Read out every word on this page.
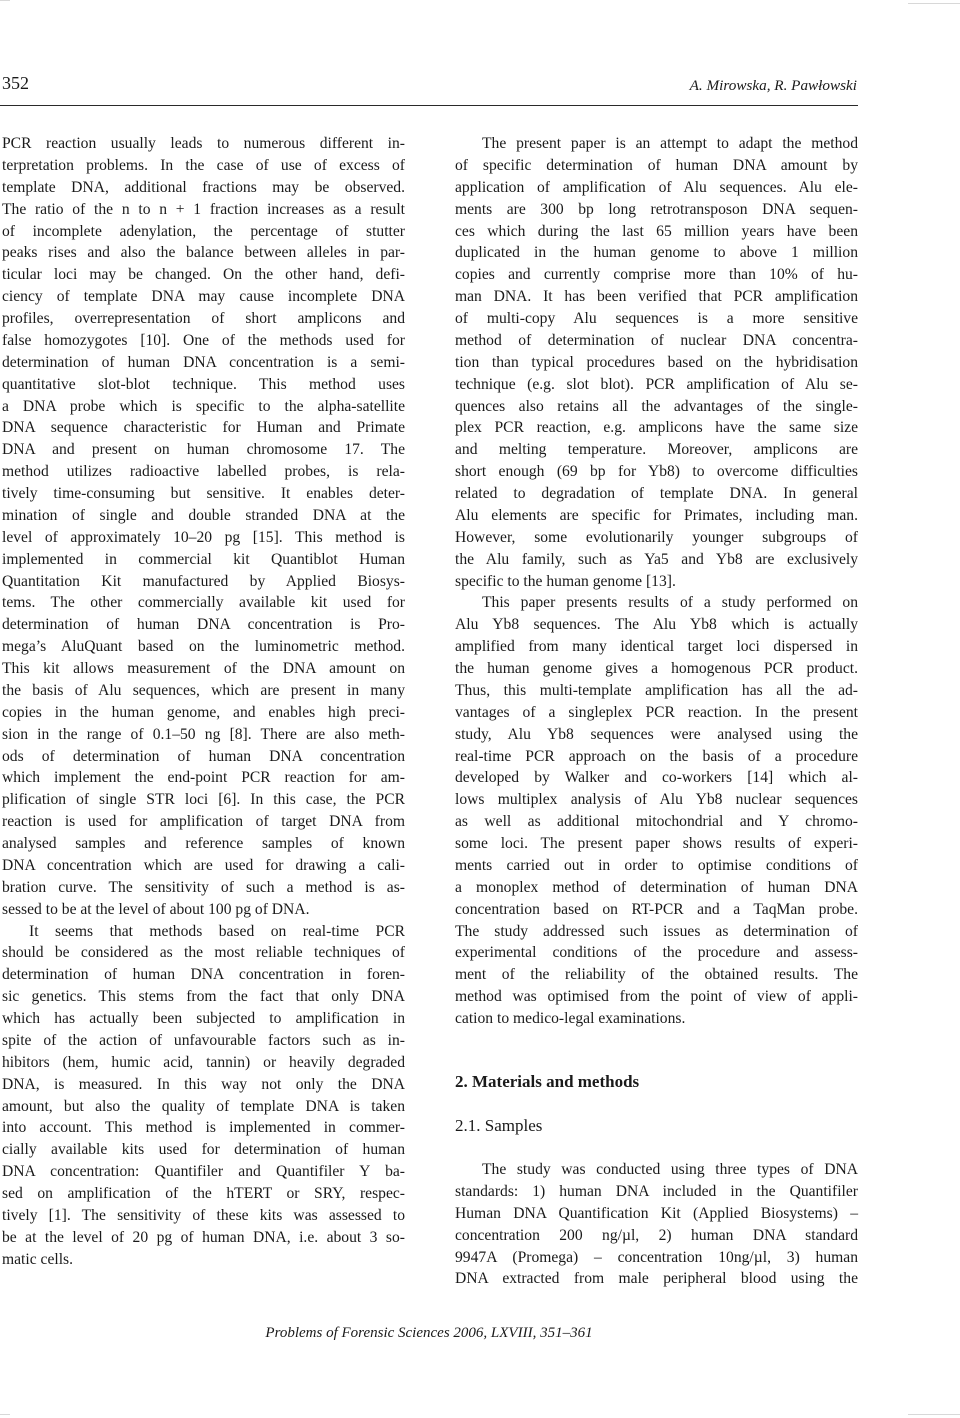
352	A. Mirowska, R. Pawłowski

PCR reaction usually leads to numerous different in-

terpretation problems. In the case of use of excess of

template DNA, additional fractions may be observed.

The ratio of the n to n + 1 fraction increases as a result

of incomplete adenylation, the percentage of stutter

peaks rises and also the balance between alleles in par-

ticular loci may be changed. On the other hand, defi-

ciency of template DNA may cause incomplete DNA

profiles, overrepresentation of short amplicons and

false homozygotes [10]. One of the methods used for

determination of human DNA concentration is a semi-

quantitative slot-blot technique. This method uses

a DNA probe which is specific to the alpha-satellite

DNA sequence characteristic for Human and Primate

DNA and present on human chromosome 17. The

method utilizes radioactive labelled probes, is rela-

tively time-consuming but sensitive. It enables deter-

mination of single and double stranded DNA at the

level of approximately 10–20 pg [15]. This method is

implemented in commercial kit Quantiblot Human

Quantitation Kit manufactured by Applied Biosys-

tems. The other commercially available kit used for

determination of human DNA concentration is Pro-

mega’s AluQuant based on the luminometric method.

This kit allows measurement of the DNA amount on

the basis of Alu sequences, which are present in many

copies in the human genome, and enables high preci-

sion in the range of 0.1–50 ng [8]. There are also meth-

ods of determination of human DNA concentration

which implement the end-point PCR reaction for am-

plification of single STR loci [6]. In this case, the PCR

reaction is used for amplification of target DNA from

analysed samples and reference samples of known

DNA concentration which are used for drawing a cali-

bration curve. The sensitivity of such a method is as-

sessed to be at the level of about 100 pg of DNA.

It seems that methods based on real-time PCR

should be considered as the most reliable techniques of

determination of human DNA concentration in foren-

sic genetics. This stems from the fact that only DNA

which has actually been subjected to amplification in

spite of the action of unfavourable factors such as in-

hibitors (hem, humic acid, tannin) or heavily degraded

DNA, is measured. In this way not only the DNA

amount, but also the quality of template DNA is taken

into account. This method is implemented in commer-

cially available kits used for determination of human

DNA concentration: Quantifiler and Quantifiler Y ba-

sed on amplification of the hTERT or SRY, respec-

tively [1]. The sensitivity of these kits was assessed to

be at the level of 20 pg of human DNA, i.e. about 3 so-

matic cells.

The present paper is an attempt to adapt the method

of specific determination of human DNA amount by

application of amplification of Alu sequences. Alu ele-

ments are 300 bp long retrotransposon DNA sequen-

ces which during the last 65 million years have been

duplicated in the human genome to above 1 million

copies and currently comprise more than 10% of hu-

man DNA. It has been verified that PCR amplification

of multi-copy Alu sequences is a more sensitive

method of determination of nuclear DNA concentra-

tion than typical procedures based on the hybridisation

technique (e.g. slot blot). PCR amplification of Alu se-

quences also retains all the advantages of the single-

plex PCR reaction, e.g. amplicons have the same size

and melting temperature. Moreover, amplicons are

short enough (69 bp for Yb8) to overcome difficulties

related to degradation of template DNA. In general

Alu elements are specific for Primates, including man.

However, some evolutionarily younger subgroups of

the Alu family, such as Ya5 and Yb8 are exclusively

specific to the human genome [13].

This paper presents results of a study performed on

Alu Yb8 sequences. The Alu Yb8 which is actually

amplified from many identical target loci dispersed in

the human genome gives a homogenous PCR product.

Thus, this multi-template amplification has all the ad-

vantages of a singleplex PCR reaction. In the present

study, Alu Yb8 sequences were analysed using the

real-time PCR approach on the basis of a procedure

developed by Walker and co-workers [14] which al-

lows multiplex analysis of Alu Yb8 nuclear sequences

as well as additional mitochondrial and Y chromo-

some loci. The present paper shows results of experi-

ments carried out in order to optimise conditions of

a monoplex method of determination of human DNA

concentration based on RT-PCR and a TaqMan probe.

The study addressed such issues as determination of

experimental conditions of the procedure and assess-

ment of the reliability of the obtained results. The

method was optimised from the point of view of appli-

cation to medico-legal examinations.

2. Materials and methods
2.1. Samples

The study was conducted using three types of DNA

standards: 1) human DNA included in the Quantifiler

Human DNA Quantification Kit (Applied Biosystems) –

concentration 200 ng/µl, 2) human DNA standard

9947A (Promega) – concentration 10ng/µl, 3) human

DNA extracted from male peripheral blood using the

Problems of Forensic Sciences 2006, LXVIII, 351–361
